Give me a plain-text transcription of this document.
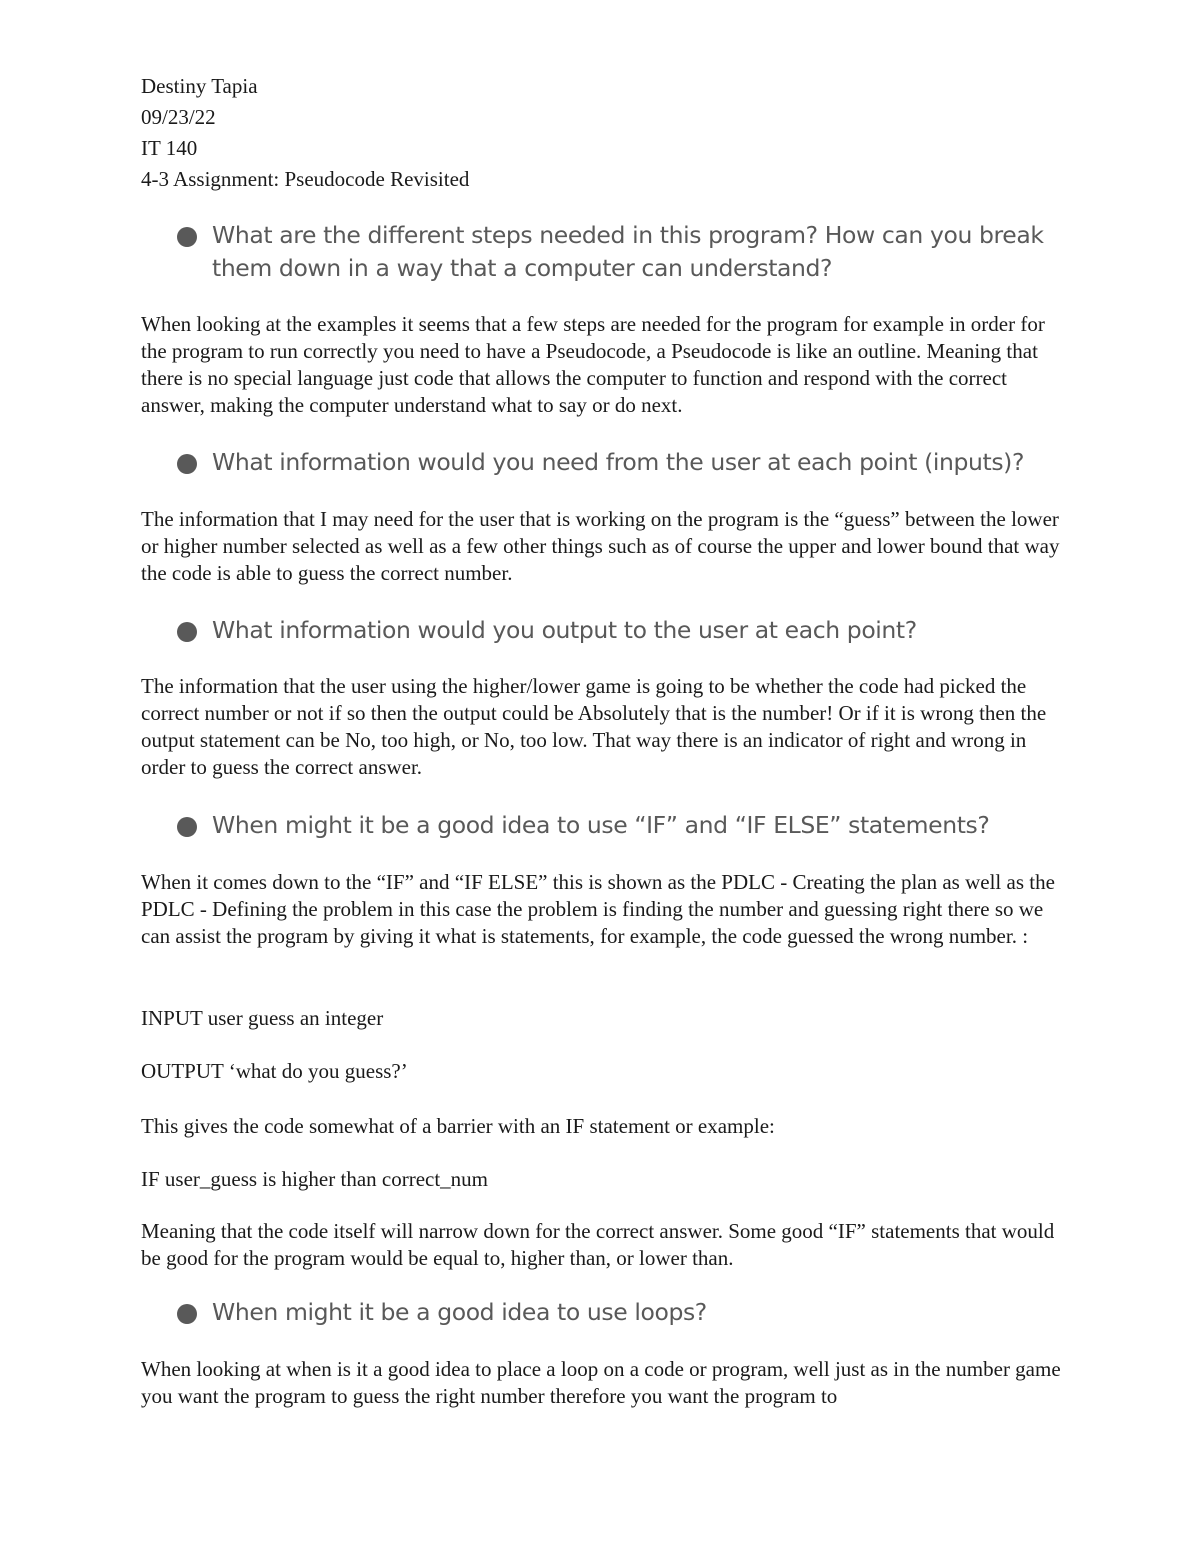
Destiny Tapia
09/23/22
IT 140
4-3 Assignment: Pseudocode Revisited
What are the different steps needed in this program? How can you break them down in a way that a computer can understand?
When looking at the examples it seems that a few steps are needed for the program for example in order for the program to run correctly you need to have a Pseudocode, a Pseudocode is like an outline. Meaning that there is no special language just code that allows the computer to function and respond with the correct answer, making the computer understand what to say or do next.
What information would you need from the user at each point (inputs)?
The information that I may need for the user that is working on the program is the “guess” between the lower or higher number selected as well as a few other things such as of course the upper and lower bound that way the code is able to guess the correct number.
What information would you output to the user at each point?
The information that the user using the higher/lower game is going to be whether the code had picked the correct number or not if so then the output could be Absolutely that is the number! Or if it is wrong then the output statement can be No, too high, or No, too low. That way there is an indicator of right and wrong in order to guess the correct answer.
When might it be a good idea to use “IF” and “IF ELSE” statements?
When it comes down to the “IF” and “IF ELSE” this is shown as the PDLC - Creating the plan as well as the PDLC - Defining the problem in this case the problem is finding the number and guessing right there so we can assist the program by giving it what is statements, for example, the code guessed the wrong number. :
INPUT user guess an integer
OUTPUT ‘what do you guess?’
This gives the code somewhat of a barrier with an IF statement or example:
IF user_guess is higher than correct_num
Meaning that the code itself will narrow down for the correct answer. Some good “IF” statements that would be good for the program would be equal to, higher than, or lower than.
When might it be a good idea to use loops?
When looking at when is it a good idea to place a loop on a code or program, well just as in the number game you want the program to guess the right number therefore you want the program to
